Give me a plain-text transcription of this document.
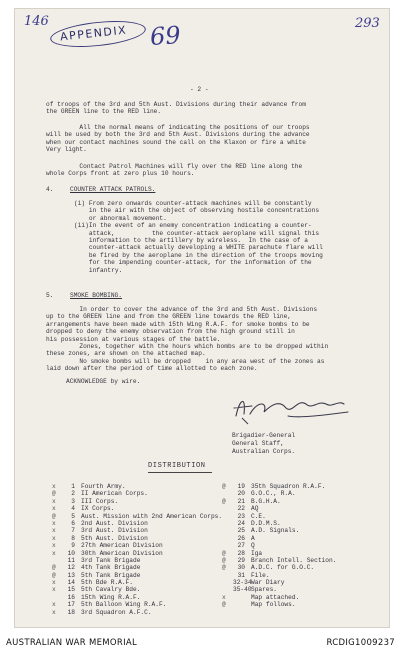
146
APPENDIX 69	293
- 2 -
of troops of the 3rd and 5th Aust. Divisions during their advance from
the GREEN line to the RED line.
All the normal means of indicating the positions of our troops
will be used by both the 3rd and 5th Aust. Divisions during the advance
when our contact machines sound the call on the Klaxon or fire a white
Very light.
Contact Patrol Machines will fly over the RED line along the
whole Corps front at zero plus 10 hours.
4.	COUNTER ATTACK PATROLS.
(i) From zero onwards counter-attack machines will be constantly
in the air with the object of observing hostile concentrations
or abnormal movement.
(ii)In the event of an enemy concentration indicating a counter-
attack,          the counter-attack aeroplane will signal this
information to the artillery by wireless.  In the case of a
counter-attack actually developing a WHITE parachute flare will
be fired by the aeroplane in the direction of the troops moving
for the impending counter-attack, for the information of the
infantry.
5.	SMOKE BOMBING.
In order to cover the advance of the 3rd and 5th Aust. Divisions
up to the GREEN line and from the GREEN line towards the RED line,
arrangements have been made with 15th Wing R.A.F. for smoke bombs to be
dropped to deny the enemy observation from the high ground still in
his possession at various stages of the battle.
Zones, together with the hours which bombs are to be dropped within
these zones, are shown on the attached map.
No smoke bombs will be dropped    in any area west of the zones as
laid down after the period of time allotted to each zone.
ACKNOWLEDGE by wire.
Brigadier-General
General Staff,
Australian Corps.
DISTRIBUTION
x	1 Fourth Army.
@	2 II American Corps.
x	3 III Corps.
x	4 IX Corps.
@	5 Aust. Mission with 2nd American Corps.
x	6 2nd Aust. Division
x	7 3rd Aust. Division
x	8 5th Aust. Division
x	9 27th American Division
x	10 30th American Division
11 3rd Tank Brigade
@	12 4th Tank Brigade
@	13 5th Tank Brigade
x	14 5th Bde R.A.F.
x	15 5th Cavalry Bde.
16 15th Wing R.A.F.
x	17 5th Balloon Wing R.A.F.
x	18 3rd Squadron A.F.C.
@	19 35th Squadron R.A.F.
20 G.O.C., R.A.
@	21 B.G.H.A.
22 AQ
23 C.E.
24 D.D.M.S.
25 A.D. Signals.
26 A
27 Q
@	28 Iga
@	29 Branch Intell. Section.
@	30 A.D.C. for G.O.C.
31 File.
32-34 War Diary
35-40 Spares.
x	Map attached.
@	Map follows.
AUSTRALIAN WAR MEMORIAL	RCDIG1009237
